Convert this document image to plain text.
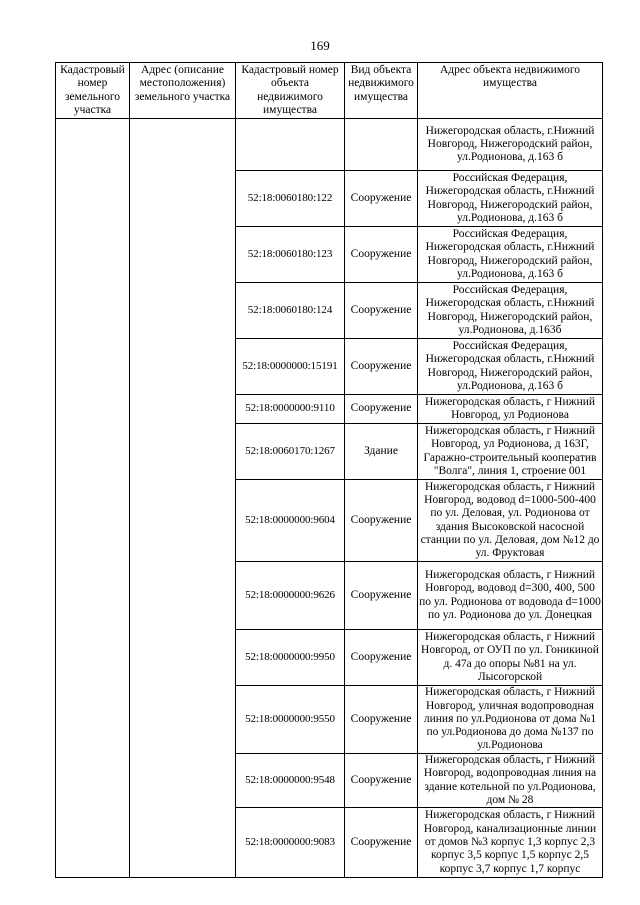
169
Кадастровый номер земельного участка	Адрес (описание местоположения) земельного участка	Кадастровый номер объекта недвижимого имущества	Вид объекта недвижимого имущества	Адрес объекта недвижимого имущества
				Нижегородская область, г.Нижний Новгород, Нижегородский район, ул.Родионова, д.163 б
		52:18:0060180:122	Сооружение	Российская Федерация, Нижегородская область, г.Нижний Новгород, Нижегородский район, ул.Родионова, д.163 б
		52:18:0060180:123	Сооружение	Российская Федерация, Нижегородская область, г.Нижний Новгород, Нижегородский район, ул.Родионова, д.163 б
		52:18:0060180:124	Сооружение	Российская Федерация, Нижегородская область, г.Нижний Новгород, Нижегородский район, ул.Родионова, д.163б
		52:18:0000000:15191	Сооружение	Российская Федерация, Нижегородская область, г.Нижний Новгород, Нижегородский район, ул.Родионова, д.163 б
		52:18:0000000:9110	Сооружение	Нижегородская область, г Нижний Новгород, ул Родионова
		52:18:0060170:1267	Здание	Нижегородская область, г Нижний Новгород, ул Родионова, д 163Г, Гаражно-строительный кооператив "Волга", линия 1, строение 001
		52:18:0000000:9604	Сооружение	Нижегородская область, г Нижний Новгород, водовод d=1000-500-400 по ул. Деловая, ул. Родионова от здания Высоковской насосной станции по ул. Деловая, дом №12 до ул. Фруктовая
		52:18:0000000:9626	Сооружение	Нижегородская область, г Нижний Новгород, водовод d=300, 400, 500 по ул. Родионова от водовода d=1000 по ул. Родионова до ул. Донецкая
		52:18:0000000:9950	Сооружение	Нижегородская область, г Нижний Новгород, от ОУП по ул. Гоникиной д. 47а до опоры №81 на ул. Лысогорской
		52:18:0000000:9550	Сооружение	Нижегородская область, г Нижний Новгород, уличная водопроводная линия по ул.Родионова от дома №1 по ул.Родионова до дома №137 по ул.Родионова
		52:18:0000000:9548	Сооружение	Нижегородская область, г Нижний Новгород, водопроводная линия на здание котельной по ул.Родионова, дом № 28
		52:18:0000000:9083	Сооружение	Нижегородская область, г Нижний Новгород, канализационные линии от домов №3 корпус 1,3 корпус 2,3 корпус 3,5 корпус 1,5 корпус 2,5 корпус 3,7 корпус 1,7 корпус
